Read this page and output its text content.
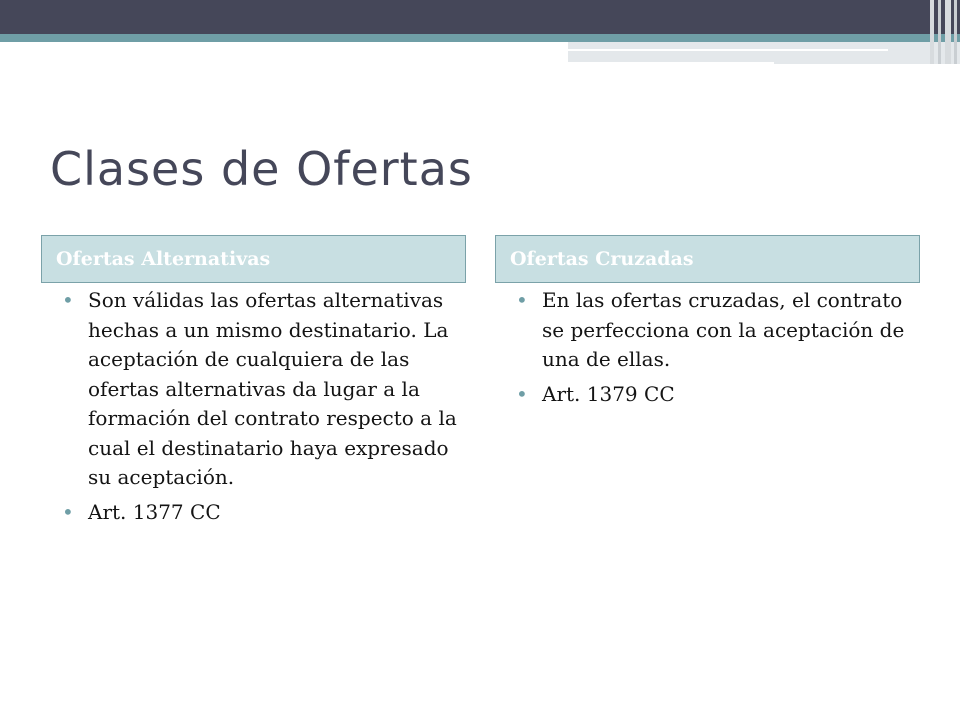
Clases de Ofertas
Ofertas Alternativas	Ofertas Cruzadas
• Son válidas las ofertas alternativas hechas a un mismo destinatario. La aceptación de cualquiera de las ofertas alternativas da lugar a la formación del contrato respecto a la cual el destinatario haya expresado su aceptación.
• Art. 1377 CC
• En las ofertas cruzadas, el contrato se perfecciona con la aceptación de una de ellas.
• Art. 1379 CC
